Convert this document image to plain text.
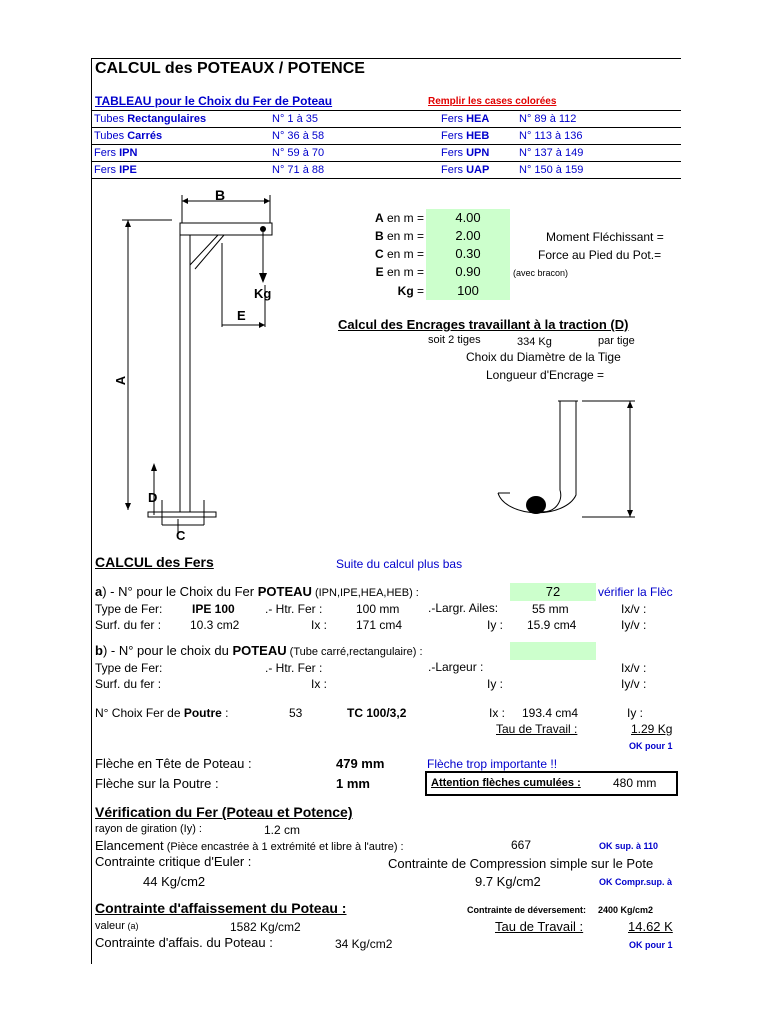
CALCUL des POTEAUX / POTENCE
TABLEAU pour le Choix du Fer de Poteau	Remplir les cases colorées
Tubes Rectangulaires	N° 1 à 35	Fers HEA	N° 89 à 112
Tubes Carrés	N° 36 à 58	Fers HEB	N° 113 à 136
Fers IPN	N° 59 à 70	Fers UPN	N° 137 à 149
Fers IPE	N° 71 à 88	Fers UAP	N° 150 à 159
B
Kg
E
A
D
C
A en m =	4.00
B en m =	2.00
C en m =	0.30
E en m =	0.90
Kg =	100
Moment Fléchissant =
Force au Pied du Pot.=
(avec bracon)
Calcul des Encrages travaillant à la traction (D)
soit 2 tiges	334 Kg	par tige
Choix du Diamètre de la Tige
Longueur d'Encrage =
CALCUL des Fers	Suite du calcul plus bas
a) - N° pour le Choix du Fer POTEAU (IPN,IPE,HEA,HEB) :	72	vérifier la Flèc
Type de Fer: IPE 100	.- Htr. Fer :	100 mm .-Largr. Ailes:	55 mm	Ix/v :
Surf. du fer : 10.3 cm2	Ix : 171 cm4	Iy : 15.9 cm4	Iy/v :
b) - N° pour le choix du POTEAU (Tube carré,rectangulaire) :
Type de Fer:	.- Htr. Fer :	.-Largeur :	Ix/v :
Surf. du fer :	Ix :	Iy :	Iy/v :
N° Choix Fer de Poutre :	53	TC 100/3,2	Ix : 193.4 cm4	Iy :
Tau de Travail :	1.29 Kg
OK pour 1
Flèche en Tête de Poteau :	479 mm	Flèche trop importante !!
Flèche sur la Poutre :	1 mm	Attention flèches cumulées :	480 mm
Vérification du Fer (Poteau et Potence)
rayon de giration (Iy) :	1.2 cm
Elancement (Pièce encastrée à 1 extrémité et libre à l'autre) :	667	OK sup. à 110
Contrainte critique d'Euler :	Contrainte de Compression simple sur le Pote
44 Kg/cm2	9.7 Kg/cm2	OK Compr.sup. à
Contrainte d'affaissement du Poteau :	Contrainte de déversement: 2400 Kg/cm2
valeur (a)	1582 Kg/cm2	Tau de Travail :	14.62 K
Contrainte d'affais. du Poteau :	34 Kg/cm2	OK pour 1
